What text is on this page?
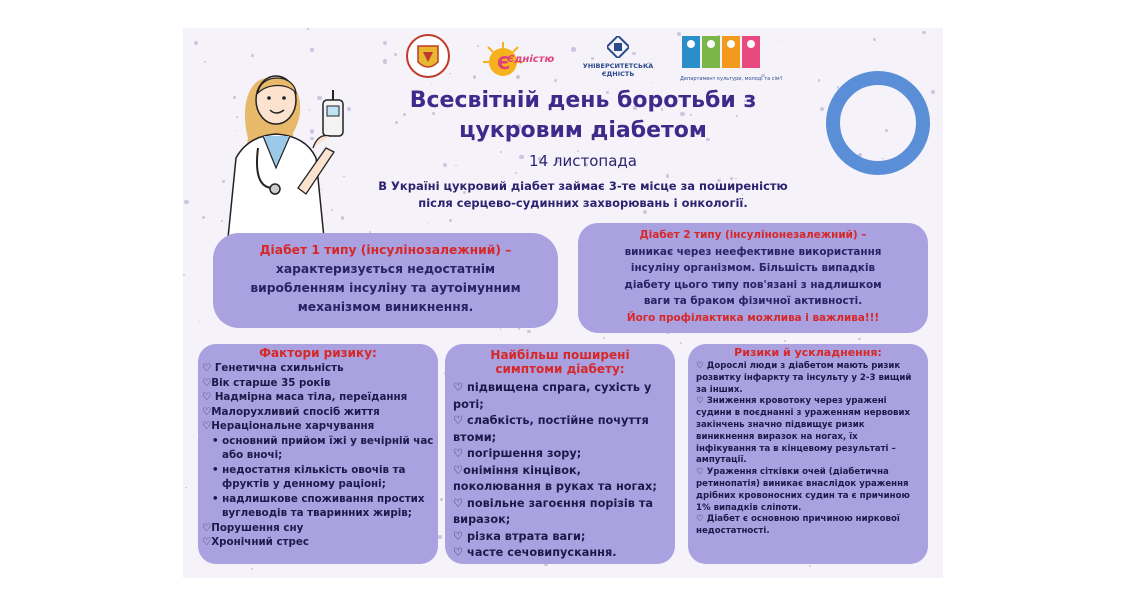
Є
Єдністю
УНІВЕРСИТЕТСЬКА ЄДНІСТЬ
Департамент культури, молоді та сім'ї
Всесвітній день боротьби з
цукровим діабетом
14 листопада
В Україні цукровий діабет займає 3-те місце за поширеністю
після серцево-судинних захворювань і онкології.
Діабет 1 типу (інсулінозалежний) –
характеризується недостатнім
виробленням інсуліну та аутоімунним
механізмом виникнення.
Діабет 2 типу (інсулінонезалежний) –
виникає через неефективне використання
інсуліну організмом. Більшість випадків
діабету цього типу пов'язані з надлишком
ваги та браком фізичної активності.
Його профілактика можлива і важлива!!!
Фактори ризику:
♡ Генетична схильність
♡Вік старше 35 років
♡ Надмірна маса тіла, переїдання
♡Малорухливий спосіб життя
♡Нераціональне харчування
• основний прийом їжі у вечірній час або вночі;
• недостатня кількість овочів та фруктів у денному раціоні;
• надлишкове споживання простих вуглеводів та тваринних жирів;
♡Порушення сну
♡Хронічний стрес
Найбільш поширені
симптоми діабету:
♡ підвищена спрага, сухість у
роті;
♡ слабкість, постійне почуття
втоми;
♡ погіршення зору;
♡оніміння кінцівок,
поколювання в руках та ногах;
♡ повільне загоєння порізів та
виразок;
♡ різка втрата ваги;
♡ часте сечовипускання.
Ризики й ускладнення:
♡ Дорослі люди з діабетом мають ризик
розвитку інфаркту та інсульту у 2-3 вищий
за інших.
♡ Зниження кровотоку через уражені
судини в поєднанні з ураженням нервових
закінчень значно підвищує ризик
виникнення виразок на ногах, їх
інфікування та в кінцевому результаті –
ампутації.
♡ Ураження сітківки очей (діабетична
ретинопатія) виникає внаслідок ураження
дрібних кровоносних судин та є причиною
1% випадків сліпоти.
♡ Діабет є основною причиною ниркової
недостатності.
